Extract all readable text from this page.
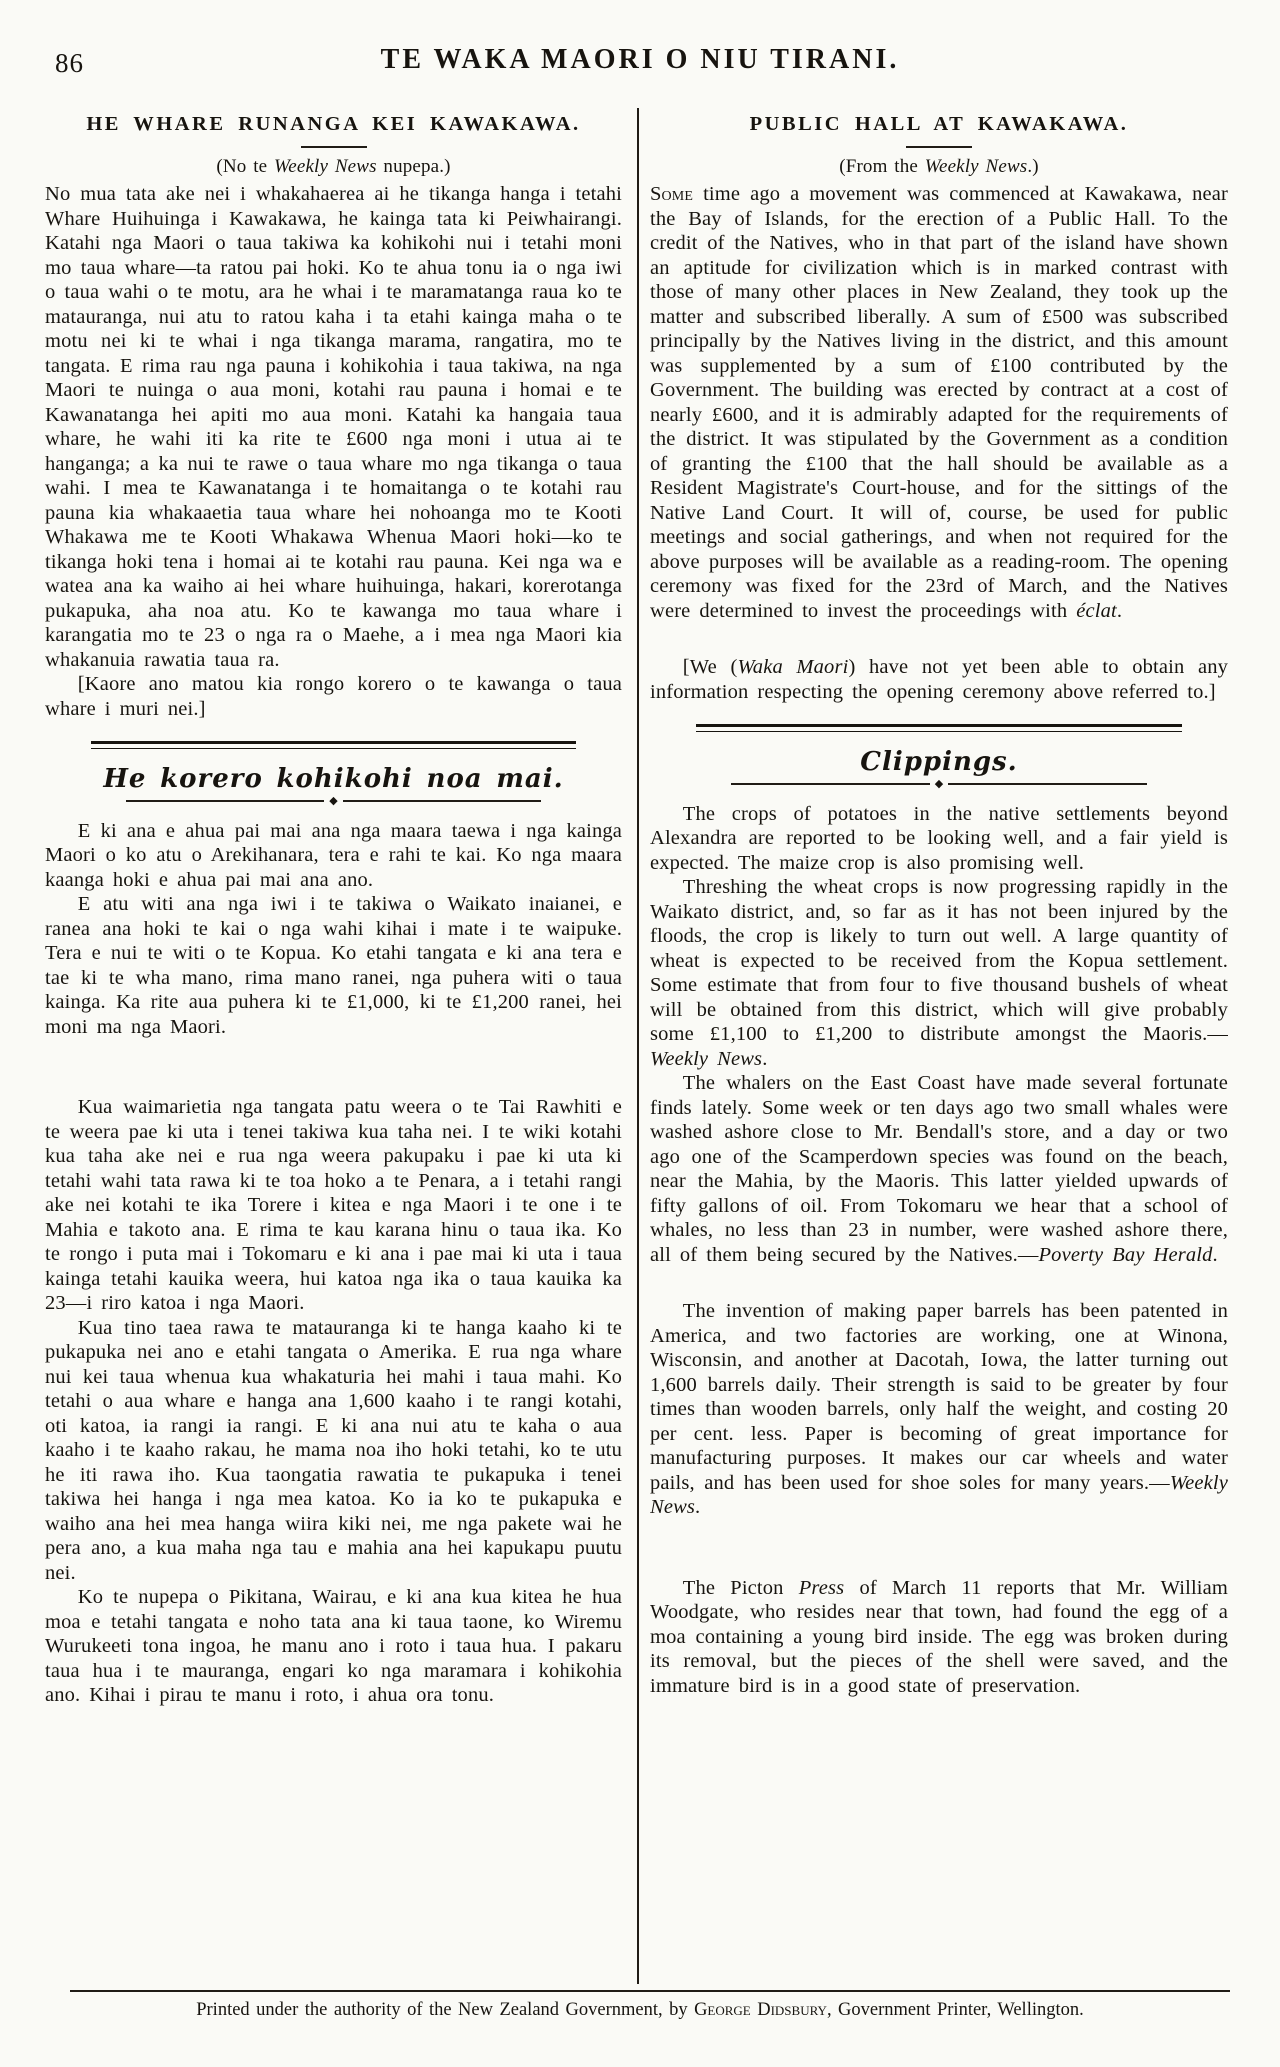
86	TE WAKA MAORI O NIU TIRANI.
HE WHARE RUNANGA KEI KAWAKAWA.
(No te Weekly News nupepa.)

No mua tata ake nei i whakahaerea ai he tikanga hanga i tetahi Whare Huihuinga i Kawakawa, he kainga tata ki Peiwhairangi. Katahi nga Maori o taua takiwa ka kohikohi nui i tetahi moni mo taua whare—ta ratou pai hoki. Ko te ahua tonu ia o nga iwi o taua wahi o te motu, ara he whai i te maramatanga raua ko te matauranga, nui atu to ratou kaha i ta etahi kainga maha o te motu nei ki te whai i nga tikanga marama, rangatira, mo te tangata. E rima rau nga pauna i kohikohia i taua takiwa, na nga Maori te nuinga o aua moni, kotahi rau pauna i homai e te Kawanatanga hei apiti mo aua moni. Katahi ka hangaia taua whare, he wahi iti ka rite te £600 nga moni i utua ai te hanganga; a ka nui te rawe o taua whare mo nga tikanga o taua wahi. I mea te Kawanatanga i te homaitanga o te kotahi rau pauna kia whakaaetia taua whare hei nohoanga mo te Kooti Whakawa me te Kooti Whakawa Whenua Maori hoki—ko te tikanga hoki tena i homai ai te kotahi rau pauna. Kei nga wa e watea ana ka waiho ai hei whare huihuinga, hakari, korerotanga pukapuka, aha noa atu. Ko te kawanga mo taua whare i karangatia mo te 23 o nga ra o Maehe, a i mea nga Maori kia whakanuia rawatia taua ra.

[Kaore ano matou kia rongo korero o te kawanga o taua whare i muri nei.]

He korero kohikohi noa mai.
◆

E ki ana e ahua pai mai ana nga maara taewa i nga kainga Maori o ko atu o Arekihanara, tera e rahi te kai. Ko nga maara kaanga hoki e ahua pai mai ana ano.

E atu witi ana nga iwi i te takiwa o Waikato inaianei, e ranea ana hoki te kai o nga wahi kihai i mate i te waipuke. Tera e nui te witi o te Kopua. Ko etahi tangata e ki ana tera e tae ki te wha mano, rima mano ranei, nga puhera witi o taua kainga. Ka rite aua puhera ki te £1,000, ki te £1,200 ranei, hei moni ma nga Maori.

Kua waimarietia nga tangata patu weera o te Tai Rawhiti e te weera pae ki uta i tenei takiwa kua taha nei. I te wiki kotahi kua taha ake nei e rua nga weera pakupaku i pae ki uta ki tetahi wahi tata rawa ki te toa hoko a te Penara, a i tetahi rangi ake nei kotahi te ika Torere i kitea e nga Maori i te one i te Mahia e takoto ana. E rima te kau karana hinu o taua ika. Ko te rongo i puta mai i Tokomaru e ki ana i pae mai ki uta i taua kainga tetahi kauika weera, hui katoa nga ika o taua kauika ka 23—i riro katoa i nga Maori.

Kua tino taea rawa te matauranga ki te hanga kaaho ki te pukapuka nei ano e etahi tangata o Amerika. E rua nga whare nui kei taua whenua kua whakaturia hei mahi i taua mahi. Ko tetahi o aua whare e hanga ana 1,600 kaaho i te rangi kotahi, oti katoa, ia rangi ia rangi. E ki ana nui atu te kaha o aua kaaho i te kaaho rakau, he mama noa iho hoki tetahi, ko te utu he iti rawa iho. Kua taongatia rawatia te pukapuka i tenei takiwa hei hanga i nga mea katoa. Ko ia ko te pukapuka e waiho ana hei mea hanga wiira kiki nei, me nga pakete wai he pera ano, a kua maha nga tau e mahia ana hei kapukapu puutu nei.

Ko te nupepa o Pikitana, Wairau, e ki ana kua kitea he hua moa e tetahi tangata e noho tata ana ki taua taone, ko Wiremu Wurukeeti tona ingoa, he manu ano i roto i taua hua. I pakaru taua hua i te mauranga, engari ko nga maramara i kohikohia ano. Kihai i pirau te manu i roto, i ahua ora tonu.

PUBLIC HALL AT KAWAKAWA.
(From the Weekly News.)

Some time ago a movement was commenced at Kawakawa, near the Bay of Islands, for the erection of a Public Hall. To the credit of the Natives, who in that part of the island have shown an aptitude for civilization which is in marked contrast with those of many other places in New Zealand, they took up the matter and subscribed liberally. A sum of £500 was subscribed principally by the Natives living in the district, and this amount was supplemented by a sum of £100 contributed by the Government. The building was erected by contract at a cost of nearly £600, and it is admirably adapted for the requirements of the district. It was stipulated by the Government as a condition of granting the £100 that the hall should be available as a Resident Magistrate's Court-house, and for the sittings of the Native Land Court. It will of, course, be used for public meetings and social gatherings, and when not required for the above purposes will be available as a reading-room. The opening ceremony was fixed for the 23rd of March, and the Natives were determined to invest the proceedings with éclat.

[We (Waka Maori) have not yet been able to obtain any information respecting the opening ceremony above referred to.]

Clippings.
◆

The crops of potatoes in the native settlements beyond Alexandra are reported to be looking well, and a fair yield is expected. The maize crop is also promising well.

Threshing the wheat crops is now progressing rapidly in the Waikato district, and, so far as it has not been injured by the floods, the crop is likely to turn out well. A large quantity of wheat is expected to be received from the Kopua settlement. Some estimate that from four to five thousand bushels of wheat will be obtained from this district, which will give probably some £1,100 to £1,200 to distribute amongst the Maoris.—Weekly News.

The whalers on the East Coast have made several fortunate finds lately. Some week or ten days ago two small whales were washed ashore close to Mr. Bendall's store, and a day or two ago one of the Scamperdown species was found on the beach, near the Mahia, by the Maoris. This latter yielded upwards of fifty gallons of oil. From Tokomaru we hear that a school of whales, no less than 23 in number, were washed ashore there, all of them being secured by the Natives.—Poverty Bay Herald.

The invention of making paper barrels has been patented in America, and two factories are working, one at Winona, Wisconsin, and another at Dacotah, Iowa, the latter turning out 1,600 barrels daily. Their strength is said to be greater by four times than wooden barrels, only half the weight, and costing 20 per cent. less. Paper is becoming of great importance for manufacturing purposes. It makes our car wheels and water pails, and has been used for shoe soles for many years.—Weekly News.

The Picton Press of March 11 reports that Mr. William Woodgate, who resides near that town, had found the egg of a moa containing a young bird inside. The egg was broken during its removal, but the pieces of the shell were saved, and the immature bird is in a good state of preservation.

Printed under the authority of the New Zealand Government, by George Didsbury, Government Printer, Wellington.
